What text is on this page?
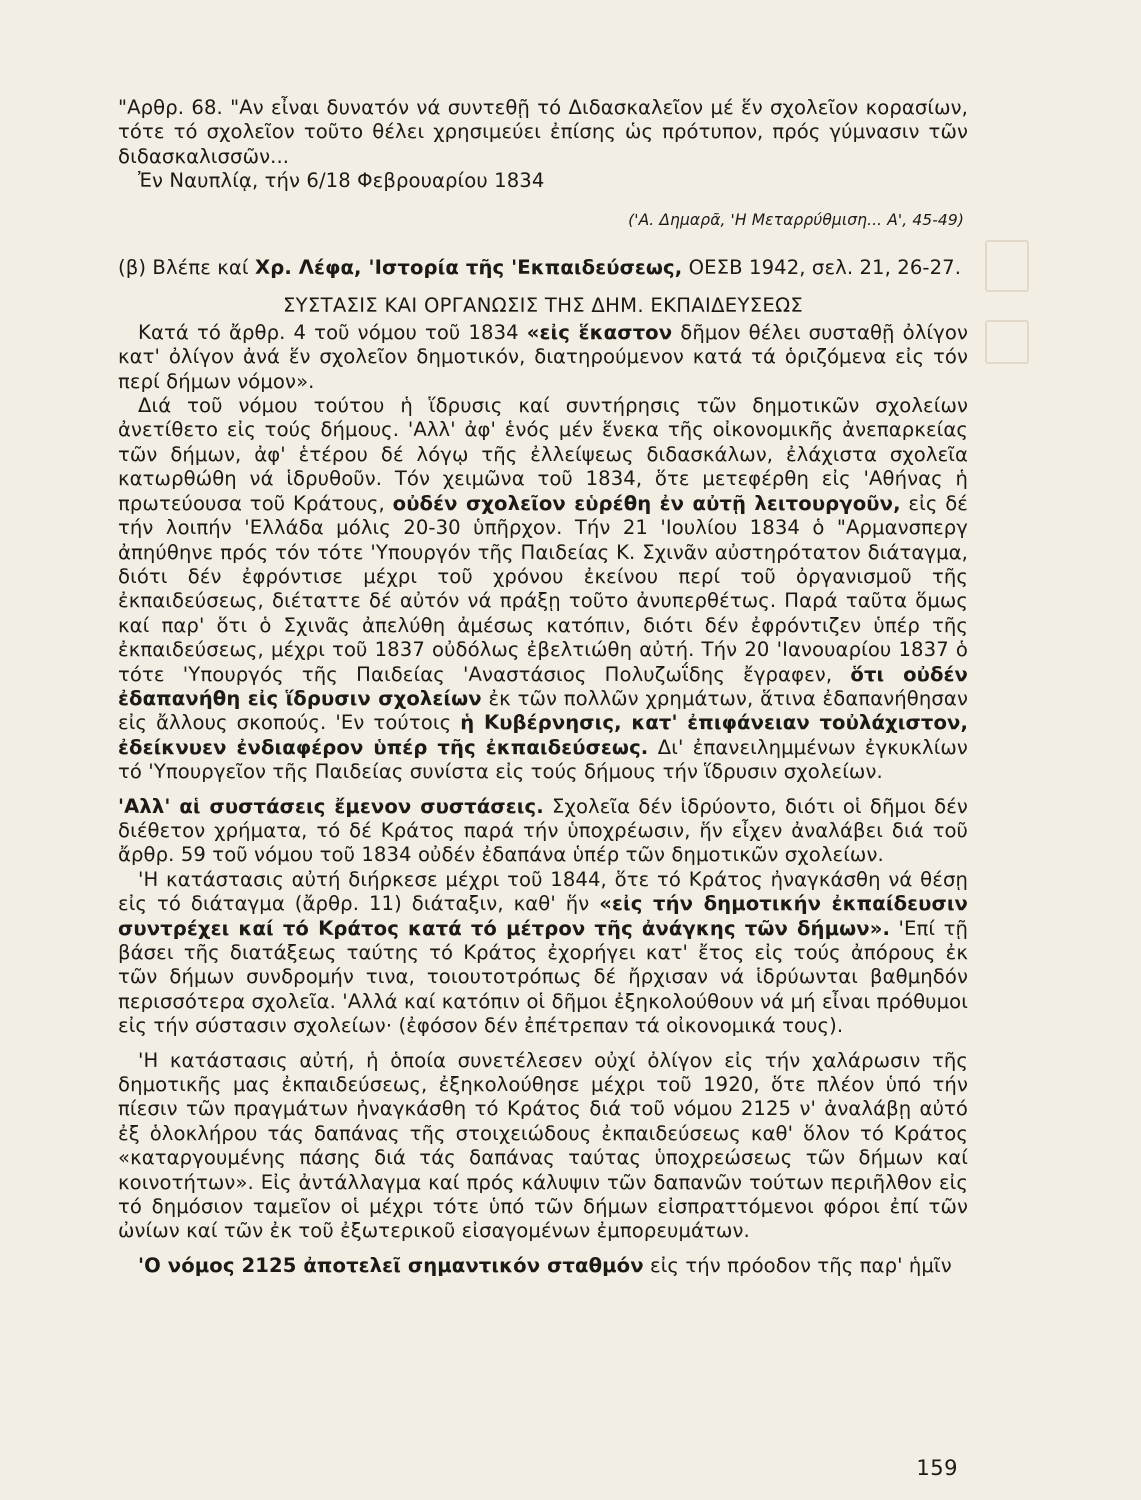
"Αρθρ. 68. "Αν εἶναι δυνατόν νά συντεθῇ τό Διδασκαλεῖον μέ ἕν σχολεῖον κορασίων, τότε τό σχολεῖον τοῦτο θέλει χρησιμεύει ἐπίσης ὡς πρότυπον, πρός γύμνασιν τῶν διδασκαλισσῶν...

Ἐν Ναυπλίᾳ, τήν 6/18 Φεβρουαρίου 1834

('Α. Δημαρᾶ, 'Η Μεταρρύθμιση... Α', 45-49)

(β) Βλέπε καί Χρ. Λέφα, 'Ιστορία τῆς 'Εκπαιδεύσεως, ΟΕΣΒ 1942, σελ. 21, 26-27.

ΣΥΣΤΑΣΙΣ ΚΑΙ ΟΡΓΑΝΩΣΙΣ ΤΗΣ ΔΗΜ. ΕΚΠΑΙΔΕΥΣΕΩΣ

Κατά τό ἄρθρ. 4 τοῦ νόμου τοῦ 1834 «εἰς ἕκαστον δῆμον θέλει συσταθῇ ὀλίγον κατ' ὀλίγον ἀνά ἕν σχολεῖον δημοτικόν, διατηρούμενον κατά τά ὁριζόμενα εἰς τόν περί δήμων νόμον».

Διά τοῦ νόμου τούτου ἡ ἵδρυσις καί συντήρησις τῶν δημοτικῶν σχολείων ἀνετίθετο εἰς τούς δήμους. 'Αλλ' ἀφ' ἑνός μέν ἕνεκα τῆς οἰκονομικῆς ἀνεπαρκείας τῶν δήμων, ἀφ' ἑτέρου δέ λόγῳ τῆς ἐλλείψεως διδασκάλων, ἐλάχιστα σχολεῖα κατωρθώθη νά ἱδρυθοῦν. Τόν χειμῶνα τοῦ 1834, ὅτε μετεφέρθη εἰς 'Αθήνας ἡ πρωτεύουσα τοῦ Κράτους, οὐδέν σχολεῖον εὑρέθη ἐν αὐτῇ λειτουργοῦν, εἰς δέ τήν λοιπήν 'Ελλάδα μόλις 20-30 ὑπῆρχον. Τήν 21 'Ιουλίου 1834 ὁ "Αρμανσπεργ ἀπηύθηνε πρός τόν τότε 'Υπουργόν τῆς Παιδείας Κ. Σχινᾶν αὐστηρότατον διάταγμα, διότι δέν ἐφρόντισε μέχρι τοῦ χρόνου ἐκείνου περί τοῦ ὀργανισμοῦ τῆς ἐκπαιδεύσεως, διέταττε δέ αὐτόν νά πράξῃ τοῦτο ἀνυπερθέτως. Παρά ταῦτα ὅμως καί παρ' ὅτι ὁ Σχινᾶς ἀπελύθη ἀμέσως κατόπιν, διότι δέν ἐφρόντιζεν ὑπέρ τῆς ἐκπαιδεύσεως, μέχρι τοῦ 1837 οὐδόλως ἐβελτιώθη αὐτή. Τήν 20 'Ιανουαρίου 1837 ὁ τότε 'Υπουργός τῆς Παιδείας 'Αναστάσιος Πολυζωΐδης ἔγραφεν, ὅτι οὐδέν ἐδαπανήθη εἰς ἵδρυσιν σχολείων ἐκ τῶν πολλῶν χρημάτων, ἅτινα ἐδαπανήθησαν εἰς ἄλλους σκοπούς. 'Εν τούτοις ἡ Κυβέρνησις, κατ' ἐπιφάνειαν τοὐλάχιστον, ἐδείκνυεν ἐνδιαφέρον ὑπέρ τῆς ἐκπαιδεύσεως. Δι' ἐπανειλημμένων ἐγκυκλίων τό 'Υπουργεῖον τῆς Παιδείας συνίστα εἰς τούς δήμους τήν ἵδρυσιν σχολείων.

'Αλλ' αἱ συστάσεις ἔμενον συστάσεις. Σχολεῖα δέν ἱδρύοντο, διότι οἱ δῆμοι δέν διέθετον χρήματα, τό δέ Κράτος παρά τήν ὑποχρέωσιν, ἥν εἶχεν ἀναλάβει διά τοῦ ἄρθρ. 59 τοῦ νόμου τοῦ 1834 οὐδέν ἐδαπάνα ὑπέρ τῶν δημοτικῶν σχολείων.

'Η κατάστασις αὐτή διήρκεσε μέχρι τοῦ 1844, ὅτε τό Κράτος ἠναγκάσθη νά θέσῃ εἰς τό διάταγμα (ἄρθρ. 11) διάταξιν, καθ' ἥν «εἰς τήν δημοτικήν ἐκπαίδευσιν συντρέχει καί τό Κράτος κατά τό μέτρον τῆς ἀνάγκης τῶν δήμων». 'Επί τῇ βάσει τῆς διατάξεως ταύτης τό Κράτος ἐχορήγει κατ' ἔτος εἰς τούς ἀπόρους ἐκ τῶν δήμων συνδρομήν τινα, τοιουτοτρόπως δέ ἤρχισαν νά ἱδρύωνται βαθμηδόν περισσότερα σχολεῖα. 'Αλλά καί κατόπιν οἱ δῆμοι ἐξηκολούθουν νά μή εἶναι πρόθυμοι εἰς τήν σύστασιν σχολείων· (ἐφόσον δέν ἐπέτρεπαν τά οἰκονομικά τους).

'Η κατάστασις αὐτή, ἡ ὁποία συνετέλεσεν οὐχί ὀλίγον εἰς τήν χαλάρωσιν τῆς δημοτικῆς μας ἐκπαιδεύσεως, ἐξηκολούθησε μέχρι τοῦ 1920, ὅτε πλέον ὑπό τήν πίεσιν τῶν πραγμάτων ἠναγκάσθη τό Κράτος διά τοῦ νόμου 2125 ν' ἀναλάβῃ αὐτό ἐξ ὁλοκλήρου τάς δαπάνας τῆς στοιχειώδους ἐκπαιδεύσεως καθ' ὅλον τό Κράτος «καταργουμένης πάσης διά τάς δαπάνας ταύτας ὑποχρεώσεως τῶν δήμων καί κοινοτήτων». Εἰς ἀντάλλαγμα καί πρός κάλυψιν τῶν δαπανῶν τούτων περιῆλθον εἰς τό δημόσιον ταμεῖον οἱ μέχρι τότε ὑπό τῶν δήμων εἰσπραττόμενοι φόροι ἐπί τῶν ὠνίων καί τῶν ἐκ τοῦ ἐξωτερικοῦ εἰσαγομένων ἐμπορευμάτων.

'Ο νόμος 2125 ἀποτελεῖ σημαντικόν σταθμόν εἰς τήν πρόοδον τῆς παρ' ἡμῖν

159
